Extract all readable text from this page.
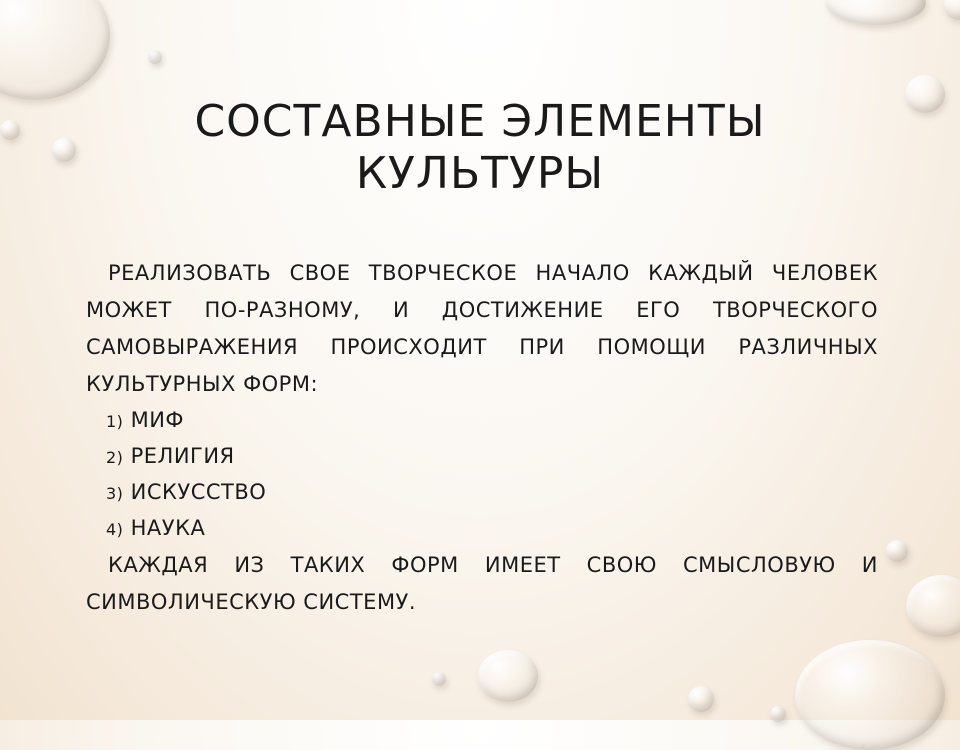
СОСТАВНЫЕ ЭЛЕМЕНТЫ КУЛЬТУРЫ

РЕАЛИЗОВАТЬ СВОЕ ТВОРЧЕСКОЕ НАЧАЛО КАЖДЫЙ ЧЕЛОВЕК МОЖЕТ ПО-РАЗНОМУ, И ДОСТИЖЕНИЕ ЕГО ТВОРЧЕСКОГО САМОВЫРАЖЕНИЯ ПРОИСХОДИТ ПРИ ПОМОЩИ РАЗЛИЧНЫХ КУЛЬТУРНЫХ ФОРМ:

1) МИФ

2) РЕЛИГИЯ

3) ИСКУССТВО

4) НАУКА

КАЖДАЯ ИЗ ТАКИХ ФОРМ ИМЕЕТ СВОЮ СМЫСЛОВУЮ И СИМВОЛИЧЕСКУЮ СИСТЕМУ.
